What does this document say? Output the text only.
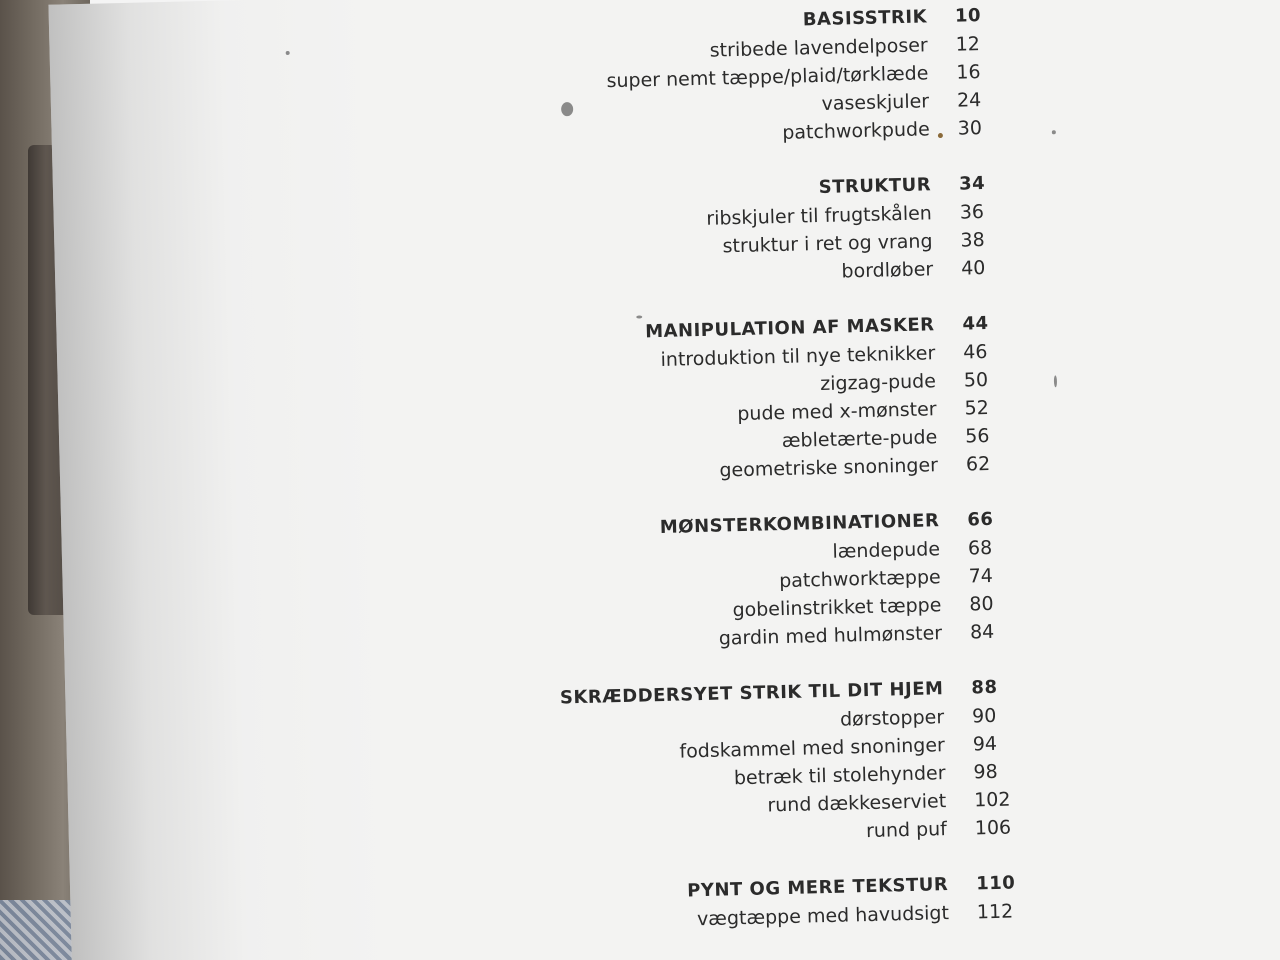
BASISSTRIK 10
stribede lavendelposer 12
super nemt tæppe/plaid/tørklæde 16
vaseskjuler 24
patchworkpude 30
STRUKTUR 34
ribskjuler til frugtskålen 36
struktur i ret og vrang 38
bordløber 40
MANIPULATION AF MASKER 44
introduktion til nye teknikker 46
zigzag-pude 50
pude med x-mønster 52
æbletærte-pude 56
geometriske snoninger 62
MØNSTERKOMBINATIONER 66
lændepude 68
patchworktæppe 74
gobelinstrikket tæppe 80
gardin med hulmønster 84
SKRÆDDERSYET STRIK TIL DIT HJEM 88
dørstopper 90
fodskammel med snoninger 94
betræk til stolehynder 98
rund dækkeserviet 102
rund puf 106
PYNT OG MERE TEKSTUR 110
vægtæppe med havudsigt 112
